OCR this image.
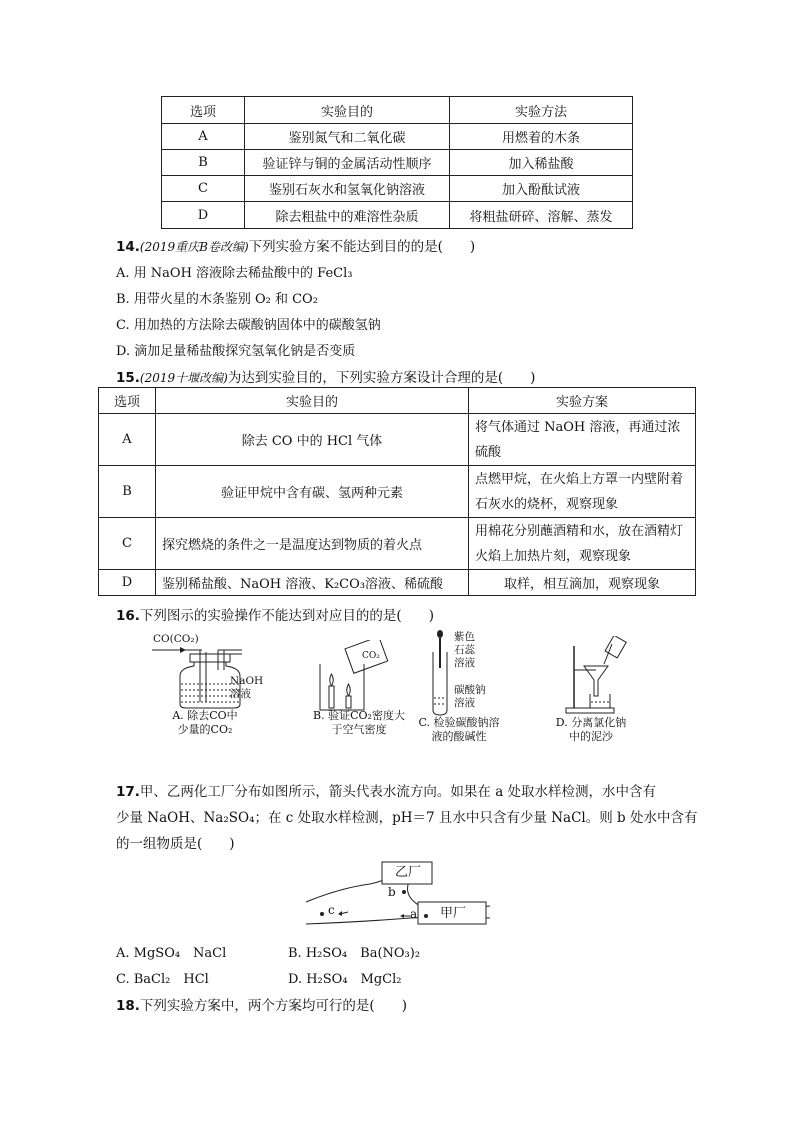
选项	实验目的	实验方法
A	鉴别氮气和二氧化碳	用燃着的木条
B	验证锌与铜的金属活动性顺序	加入稀盐酸
C	鉴别石灰水和氢氧化钠溶液	加入酚酞试液
D	除去粗盐中的难溶性杂质	将粗盐研碎、溶解、蒸发
14.(2019重庆B卷改编)下列实验方案不能达到目的的是(　　)
A. 用 NaOH 溶液除去稀盐酸中的 FeCl₃
B. 用带火星的木条鉴别 O₂ 和 CO₂
C. 用加热的方法除去碳酸钠固体中的碳酸氢钠
D. 滴加足量稀盐酸探究氢氧化钠是否变质
15.(2019十堰改编)为达到实验目的，下列实验方案设计合理的是(　　)
选项	实验目的	实验方案
A	除去 CO 中的 HCl 气体	将气体通过 NaOH 溶液，再通过浓硫酸
B	验证甲烷中含有碳、氢两种元素	点燃甲烷，在火焰上方罩一内壁附着石灰水的烧杯，观察现象
C	探究燃烧的条件之一是温度达到物质的着火点	用棉花分别蘸酒精和水，放在酒精灯火焰上加热片刻，观察现象
D	鉴别稀盐酸、NaOH 溶液、K₂CO₃溶液、稀硫酸	取样，相互滴加，观察现象
16.下列图示的实验操作不能达到对应目的的是(　　)
CO(CO₂)
NaOH
溶液
A. 除去CO中
少量的CO₂
CO₂
B. 验证CO₂密度大
于空气密度
紫色
石蕊
溶液
碳酸钠
溶液
C. 检验碳酸钠溶
液的酸碱性
D. 分离氯化钠
中的泥沙
17.甲、乙两化工厂分布如图所示，箭头代表水流方向。如果在 a 处取水样检测，水中含有
少量 NaOH、Na₂SO₄；在 c 处取水样检测，pH＝7 且水中只含有少量 NaCl。则 b 处水中含有
的一组物质是(　　)
乙厂
甲厂
b
a
c
A. MgSO₄　NaCl	B. H₂SO₄　Ba(NO₃)₂
C. BaCl₂　HCl	D. H₂SO₄　MgCl₂
18.下列实验方案中，两个方案均可行的是(　　)
